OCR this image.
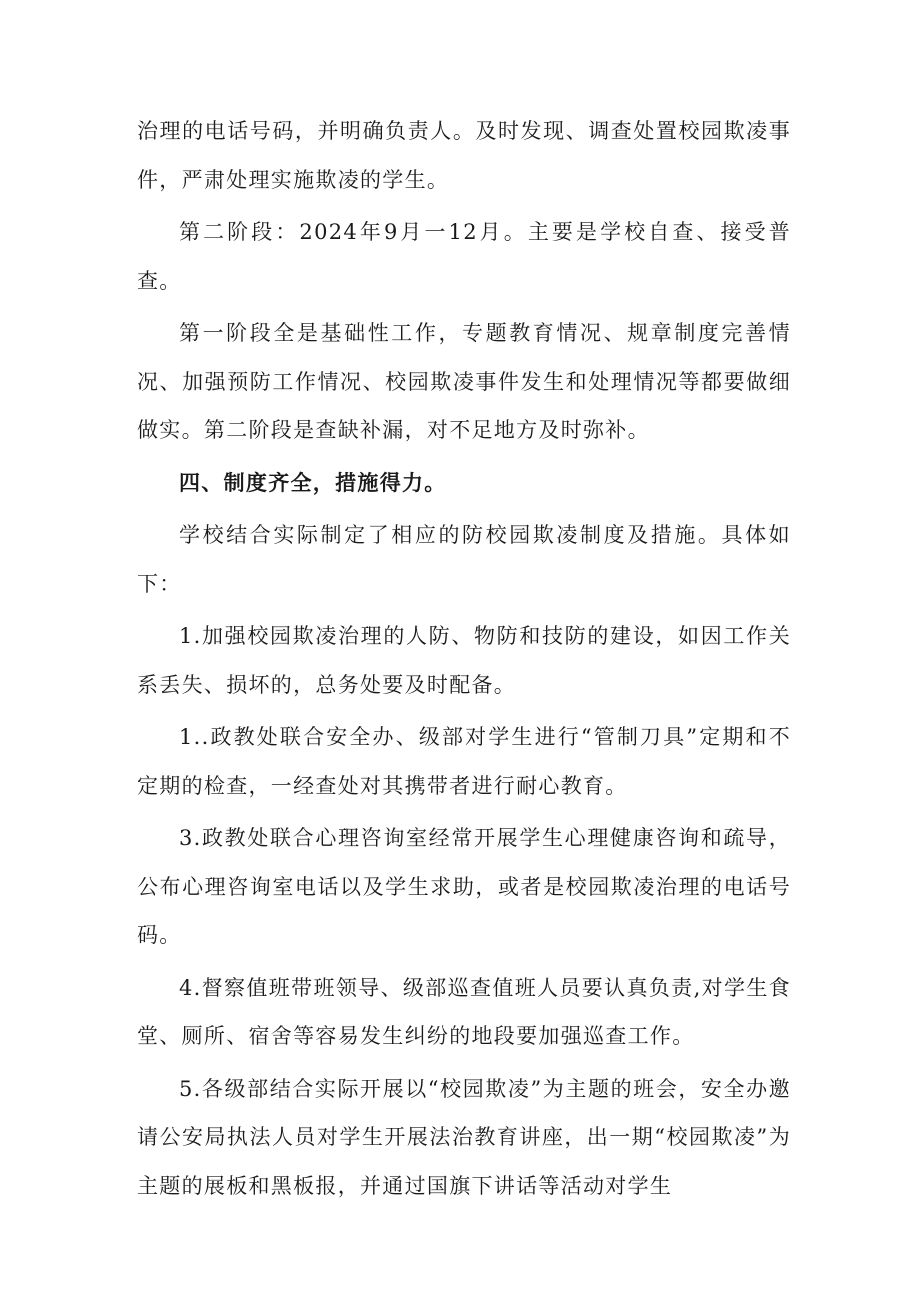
治理的电话号码，并明确负责人。及时发现、调查处置校园欺凌事件，严肃处理实施欺凌的学生。

第二阶段：2024年9月一12月。主要是学校自查、接受普查。

第一阶段全是基础性工作，专题教育情况、规章制度完善情况、加强预防工作情况、校园欺凌事件发生和处理情况等都要做细做实。第二阶段是查缺补漏，对不足地方及时弥补。

四、制度齐全，措施得力。

学校结合实际制定了相应的防校园欺凌制度及措施。具体如下：

1.加强校园欺凌治理的人防、物防和技防的建设，如因工作关系丢失、损坏的，总务处要及时配备。

1..政教处联合安全办、级部对学生进行“管制刀具”定期和不定期的检查，一经查处对其携带者进行耐心教育。

3.政教处联合心理咨询室经常开展学生心理健康咨询和疏导，公布心理咨询室电话以及学生求助，或者是校园欺凌治理的电话号码。

4.督察值班带班领导、级部巡查值班人员要认真负责,对学生食堂、厕所、宿舍等容易发生纠纷的地段要加强巡查工作。

5.各级部结合实际开展以“校园欺凌”为主题的班会，安全办邀请公安局执法人员对学生开展法治教育讲座，出一期“校园欺凌”为主题的展板和黑板报，并通过国旗下讲话等活动对学生
